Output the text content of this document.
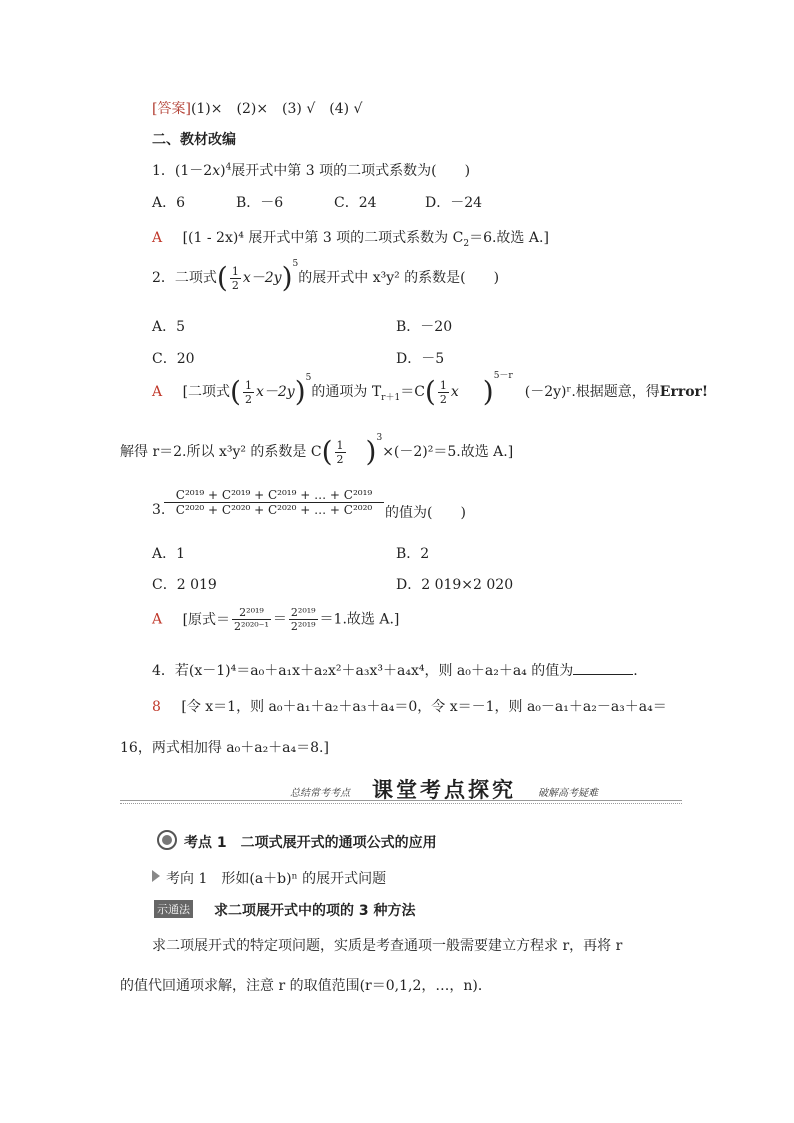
[答案](1)×　(2)×　(3) √　(4) √
二、教材改编
1．$(1-2x)^4$展开式中第 3 项的二项式系数为(　　)
A．6	B．－6	C．24	D．－24
A [(1 - 2x)⁴ 展开式中第 3 项的二项式系数为 $C_2=6$.故选 A.]
2．二项式( $\frac{1}{2} x-2y)^5$的展开式中 x³y² 的系数是(　　)
A．5	B．－20
C．20	D．－5
A [二项式( $\frac{1}{2} x-2y)^5$的通项为 $T_{r+1}=C( \frac{1}{2}$ x )$^{5-r}$(－2y)ʳ.根据题意，得Error!
解得 r＝2.所以 x³y² 的系数是 $C( \frac{1}{2} )^3\times(-2)^2=5$.故选 A.]
3.
$\frac{\text{C²⁰¹⁹ + C²⁰¹⁹ + C²⁰¹⁹ + … + C²⁰¹⁹}}{\text{C²⁰²⁰ + C²⁰²⁰ + C²⁰²⁰ + … + C²⁰²⁰}}$ 的值为(　　)
A．1	B．2
C．2 019	D．2 019×2 020
A [原式＝ $\frac{\text{2²⁰¹⁹}}{\text{2²⁰²⁰⁻¹}} = \frac{\text{2²⁰¹⁹}}{\text{2²⁰¹⁹}} =1$.故选 A.]
4．若(x－1)⁴＝a₀＋a₁x＋a₂x²＋a₃x³＋a₄x⁴，则 a₀＋a₂＋a₄ 的值为	.
8 [令 x＝1，则 a₀＋a₁＋a₂＋a₃＋a₄＝0，令 x＝－1，则 a₀－a₁＋a₂－a₃＋a₄＝
16，两式相加得 a₀＋a₂＋a₄＝8.]
总结常考考点 课堂考点探究 破解高考疑难
考点 1　二项式展开式的通项公式的应用
考向 1　形如(a＋b)ⁿ 的展开式问题
示通法 求二项展开式中的项的 3 种方法
求二项展开式的特定项问题，实质是考查通项一般需要建立方程求 r，再将 r
的值代回通项求解，注意 r 的取值范围(r＝0,1,2，…，n)．
